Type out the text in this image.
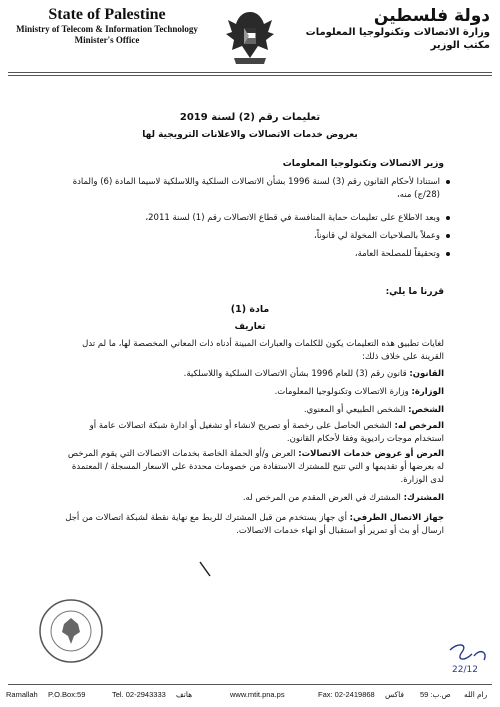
State of Palestine
Ministry of Telecom & Information Technology
Minister's Office
دولة فلسطين
وزارة الاتصالات وتكنولوجيا المعلومات
مكتب الوزير
تعليمات رقم (2) لسنة 2019
بعروض خدمات الاتصالات والاعلانات الترويجية لها
وزير الاتصالات وتكنولوجيا المعلومات
استنادا لأحكام القانون رقم (3) لسنة 1996 بشأن الاتصالات السلكية واللاسلكية لاسيما المادة (6) والمادة (28/ج) منه،
وبعد الاطلاع على تعليمات حماية المنافسة في قطاع الاتصالات رقم (1) لسنة 2011،
وعملاً بالصلاحيات المخولة لي قانوناً،
وتحقيقاً للمصلحة العامة،
قررنا ما يلي:
مادة (1)
تعاريف
لغايات تطبيق هذه التعليمات يكون للكلمات والعبارات المبينة أدناه ذات المعاني المخصصة لها، ما لم تدل القرينة على خلاف ذلك:
القانون: قانون رقم (3) للعام 1996 بشأن الاتصالات السلكية واللاسلكية.
الوزارة: وزارة الاتصالات وتكنولوجيا المعلومات.
الشخص: الشخص الطبيعي أو المعنوي.
المرخص له: الشخص الحاصل على رخصة أو تصريح لانشاء أو تشغيل أو ادارة شبكة اتصالات عامة أو استخدام موجات راديوية وفقا لأحكام القانون.
العرض أو عروض خدمات الاتصالات: العرض و/أو الحملة الخاصة بخدمات الاتصالات التي يقوم المرخص له بعرضها أو تقديمها و التي تتيح للمشترك الاستفادة من خصومات محددة على الاسعار المسجلة / المعتمدة لدى الوزارة.
المشترك: المشترك في العرض المقدم من المرخص له.
جهاز الاتصال الطرفي: أي جهاز يستخدم من قبل المشترك للربط مع نهاية نقطة لشبكة اتصالات من أجل ارسال أو بث أو تمرير أو استقبال أو انهاء خدمات الاتصالات.
22/12
Ramallah P.O.Box:59	Tel. 02-2943333 هاتف	www.mtit.pna.ps	Fax: 02-2419868 فاكس ص.ب: 59 رام الله
